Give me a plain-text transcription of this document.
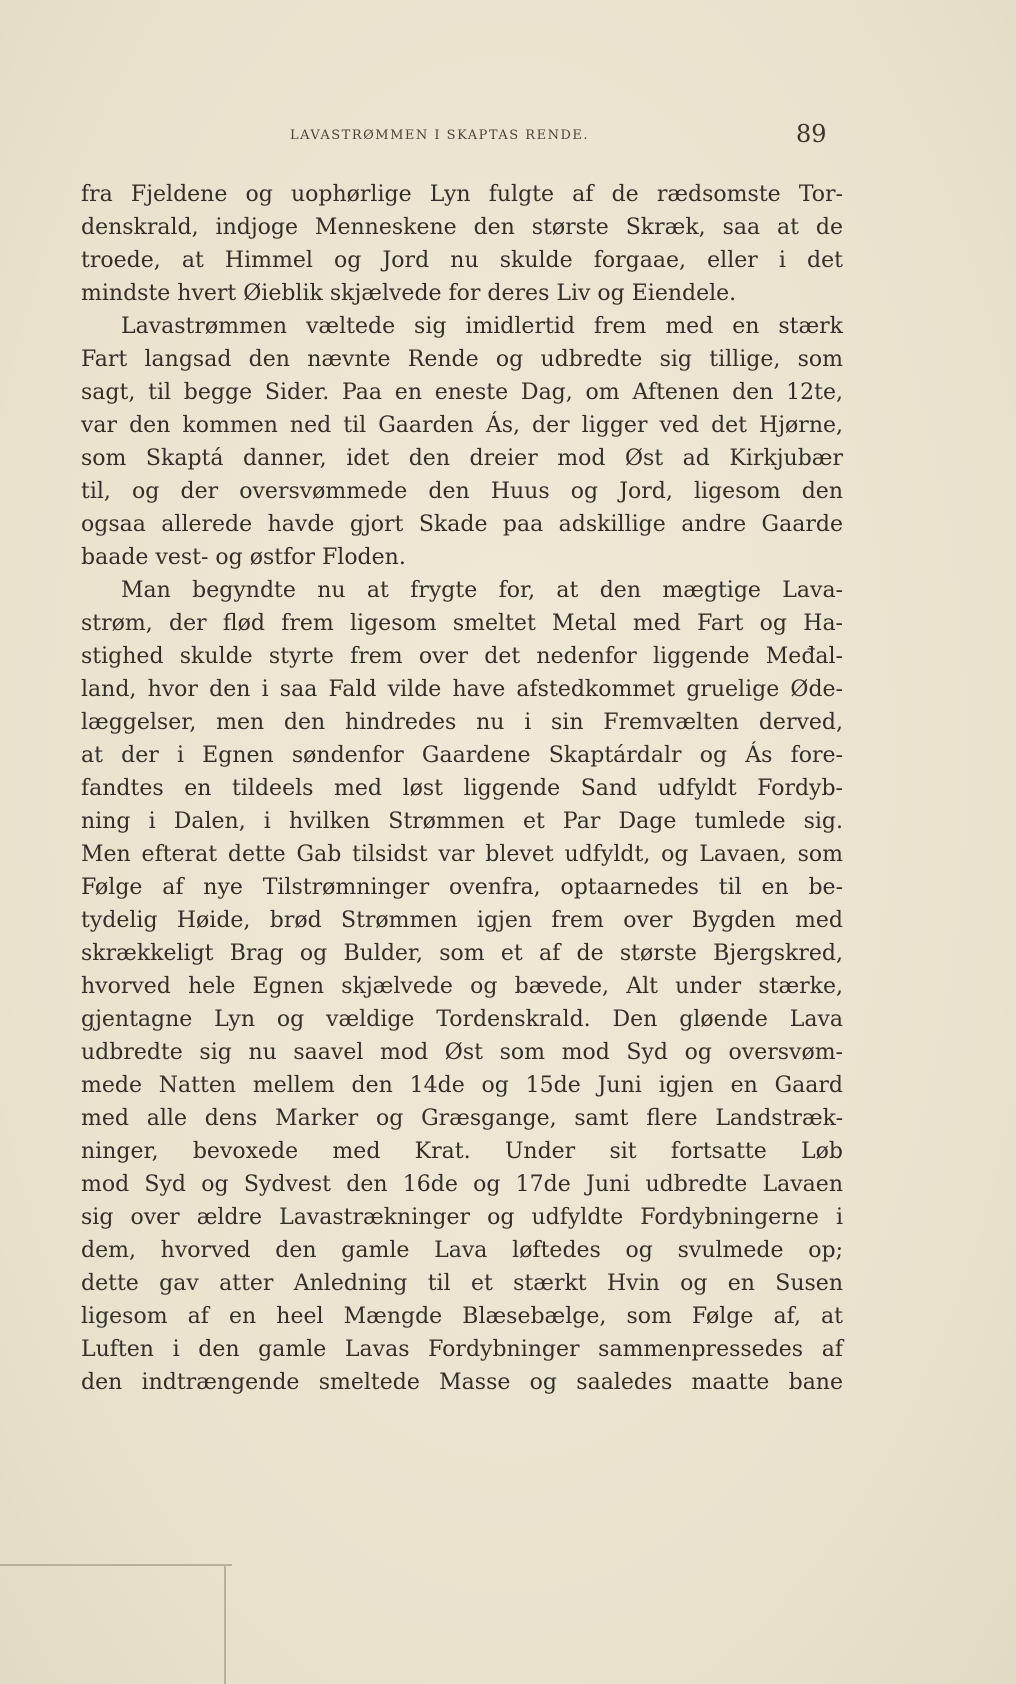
LAVASTRØMMEN I SKAPTAS RENDE.	89
fra Fjeldene og uophørlige Lyn fulgte af de rædsomste Tor-
denskrald, indjoge Menneskene den største Skræk, saa at de
troede, at Himmel og Jord nu skulde forgaae, eller i det
mindste hvert Øieblik skjælvede for deres Liv og Eiendele.
Lavastrømmen væltede sig imidlertid frem med en stærk
Fart langsad den nævnte Rende og udbredte sig tillige, som
sagt, til begge Sider. Paa en eneste Dag, om Aftenen den 12te,
var den kommen ned til Gaarden Ás, der ligger ved det Hjørne,
som Skaptá danner, idet den dreier mod Øst ad Kirkjubær
til, og der oversvømmede den Huus og Jord, ligesom den
ogsaa allerede havde gjort Skade paa adskillige andre Gaarde
baade vest- og østfor Floden.
Man begyndte nu at frygte for, at den mægtige Lava-
strøm, der flød frem ligesom smeltet Metal med Fart og Ha-
stighed skulde styrte frem over det nedenfor liggende Međal-
land, hvor den i saa Fald vilde have afstedkommet gruelige Øde-
læggelser, men den hindredes nu i sin Fremvælten derved,
at der i Egnen søndenfor Gaardene Skaptárdalr og Ás fore-
fandtes en tildeels med løst liggende Sand udfyldt Fordyb-
ning i Dalen, i hvilken Strømmen et Par Dage tumlede sig.
Men efterat dette Gab tilsidst var blevet udfyldt, og Lavaen, som
Følge af nye Tilstrømninger ovenfra, optaarnedes til en be-
tydelig Høide, brød Strømmen igjen frem over Bygden med
skrækkeligt Brag og Bulder, som et af de største Bjergskred,
hvorved hele Egnen skjælvede og bævede, Alt under stærke,
gjentagne Lyn og vældige Tordenskrald. Den gløende Lava
udbredte sig nu saavel mod Øst som mod Syd og oversvøm-
mede Natten mellem den 14de og 15de Juni igjen en Gaard
med alle dens Marker og Græsgange, samt flere Landstræk-
ninger, bevoxede med Krat. Under sit fortsatte Løb
mod Syd og Sydvest den 16de og 17de Juni udbredte Lavaen
sig over ældre Lavastrækninger og udfyldte Fordybningerne i
dem, hvorved den gamle Lava løftedes og svulmede op;
dette gav atter Anledning til et stærkt Hvin og en Susen
ligesom af en heel Mængde Blæsebælge, som Følge af, at
Luften i den gamle Lavas Fordybninger sammenpressedes af
den indtrængende smeltede Masse og saaledes maatte bane
